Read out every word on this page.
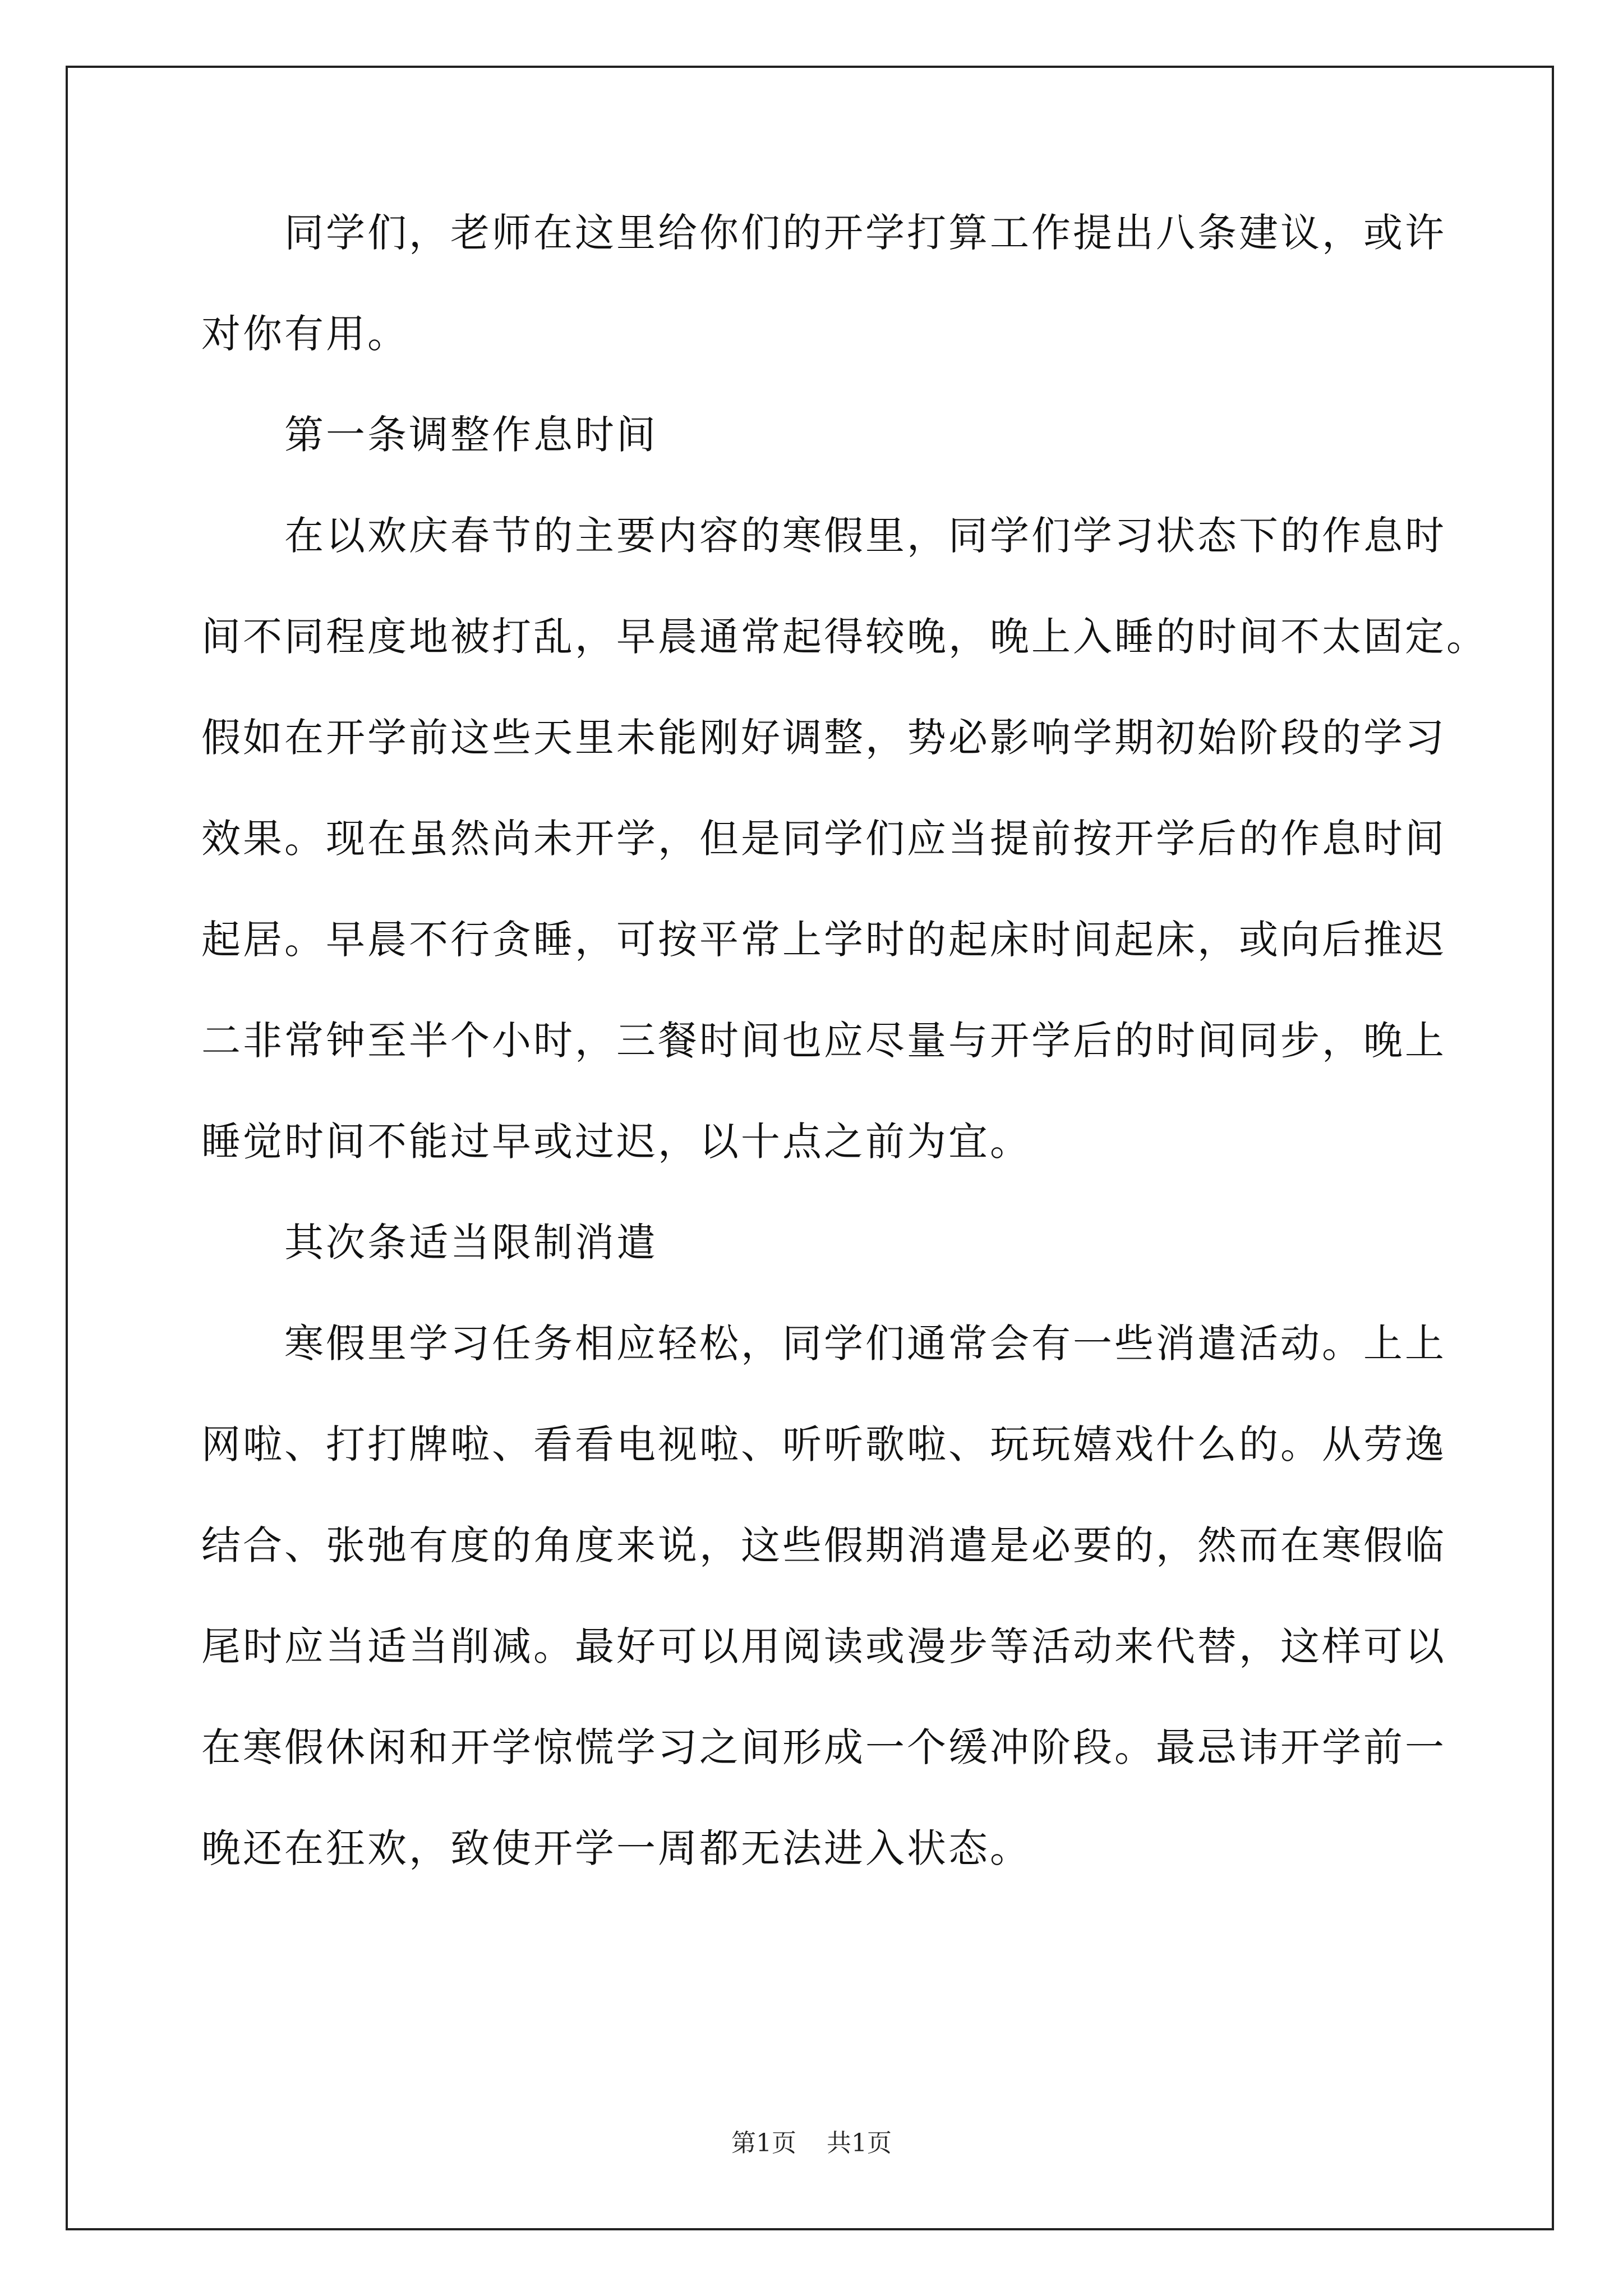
同学们，老师在这里给你们的开学打算工作提出八条建议，或许
对你有用。
第一条调整作息时间
在以欢庆春节的主要内容的寒假里，同学们学习状态下的作息时
间不同程度地被打乱，早晨通常起得较晚，晚上入睡的时间不太固定。
假如在开学前这些天里未能刚好调整，势必影响学期初始阶段的学习
效果。现在虽然尚未开学，但是同学们应当提前按开学后的作息时间
起居。早晨不行贪睡，可按平常上学时的起床时间起床，或向后推迟
二非常钟至半个小时，三餐时间也应尽量与开学后的时间同步，晚上
睡觉时间不能过早或过迟，以十点之前为宜。
其次条适当限制消遣
寒假里学习任务相应轻松，同学们通常会有一些消遣活动。上上
网啦、打打牌啦、看看电视啦、听听歌啦、玩玩嬉戏什么的。从劳逸
结合、张弛有度的角度来说，这些假期消遣是必要的，然而在寒假临
尾时应当适当削减。最好可以用阅读或漫步等活动来代替，这样可以
在寒假休闲和开学惊慌学习之间形成一个缓冲阶段。最忌讳开学前一
晚还在狂欢，致使开学一周都无法进入状态。
第1页 共1页
